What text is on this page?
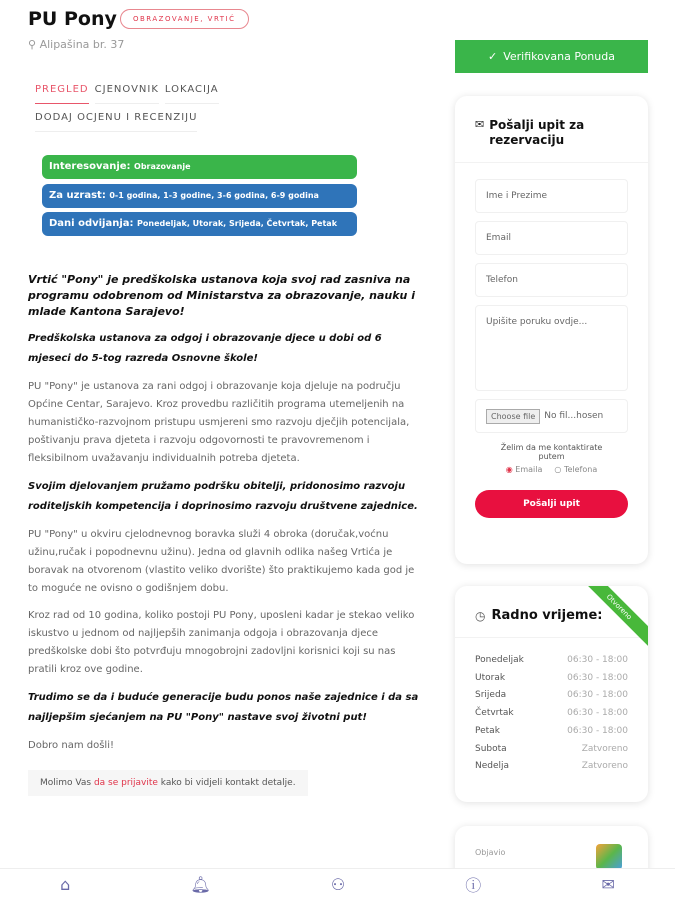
PU Pony	OBRAZOVANJE, VRTIĆ
⚲ Alipašina br. 37
PREGLED CJENOVNIK LOKACIJA
DODAJ OCJENU I RECENZIJU
Interesovanje: Obrazovanje
Za uzrast: 0-1 godina, 1-3 godine, 3-6 godina, 6-9 godina
Dani odvijanja: Ponedeljak, Utorak, Srijeda, Četvrtak, Petak

Vrtić "Pony" je predškolska ustanova koja svoj rad zasniva na programu odobrenom od Ministarstva za obrazovanje, nauku i mlade Kantona Sarajevo!

Predškolska ustanova za odgoj i obrazovanje djece u dobi od 6 mjeseci do 5-tog razreda Osnovne škole!

PU "Pony" je ustanova za rani odgoj i obrazovanje koja djeluje na području Općine Centar, Sarajevo. Kroz provedbu različitih programa utemeljenih na humanističko-razvojnom pristupu usmjereni smo razvoju dječjih potencijala, poštivanju prava djeteta i razvoju odgovornosti te pravovremenom i fleksibilnom uvažavanju individualnih potreba djeteta.

Svojim djelovanjem pružamo podršku obitelji, pridonosimo razvoju roditeljskih kompetencija i doprinosimo razvoju društvene zajednice.

PU "Pony" u okviru cjelodnevnog boravka služi 4 obroka (doručak,voćnu užinu,ručak i popodnevnu užinu). Jedna od glavnih odlika našeg Vrtića je boravak na otvorenom (vlastito veliko dvorište) što praktikujemo kada god je to moguće ne ovisno o godišnjem dobu.

Kroz rad od 10 godina, koliko postoji PU Pony, uposleni kadar je stekao veliko iskustvo u jednom od najljepših zanimanja odgoja i obrazovanja djece predškolske dobi što potvrđuju mnogobrojni zadovljni korisnici koji su nas pratili kroz ove godine.

Trudimo se da i buduće generacije budu ponos naše zajednice i da sa najljepšim sjećanjem na PU "Pony" nastave svoj životni put!

Dobro nam došli!

Molimo Vas da se prijavite kako bi vidjeli kontakt detalje.
✓ Verifikovana Ponuda
✉ Pošalji upit za rezervaciju
Ime i Prezime
Email
Telefon
Upišite poruku ovdje...
Choose file	No fil...hosen
Želim da me kontaktirate putem
◉ Emaila ○ Telefona
Pošalji upit
Otvoreno
◷ Radno vrijeme:
Ponedeljak	06:30 - 18:00
Utorak	06:30 - 18:00
Srijeda	06:30 - 18:00
Četvrtak	06:30 - 18:00
Petak	06:30 - 18:00
Subota	Zatvoreno
Nedelja	Zatvoreno
Objavio
⌂	🔔︎	⚇	ⓘ	✉
